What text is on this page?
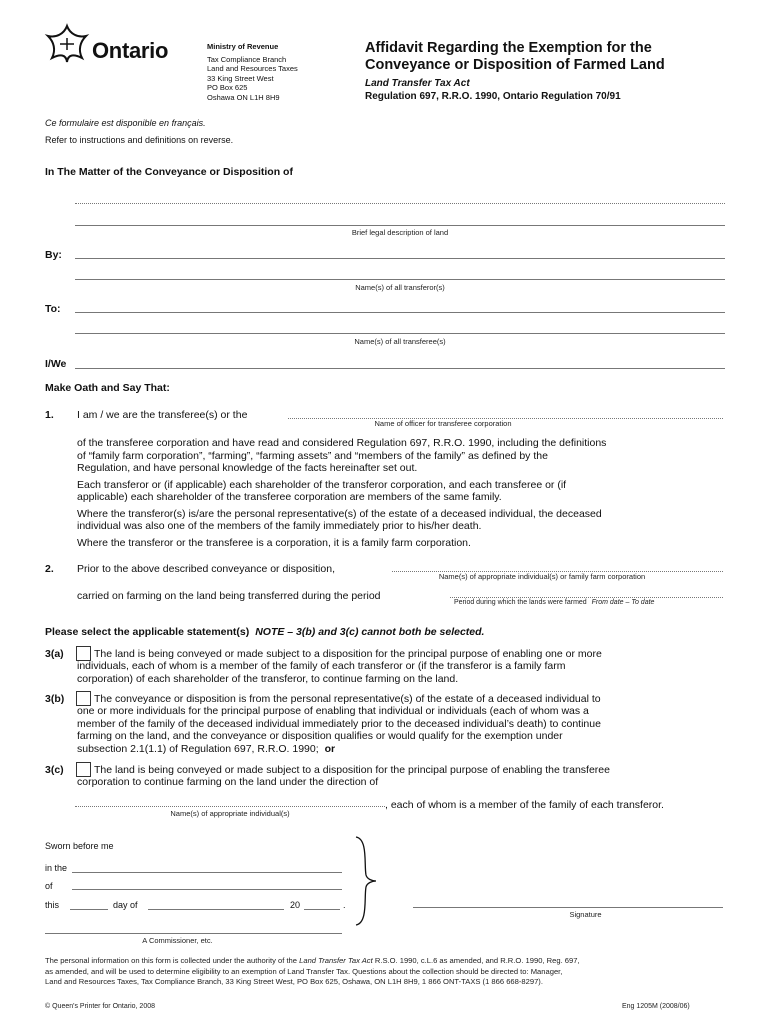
Ontario	Ministry of Revenue
Tax Compliance Branch
Land and Resources Taxes
33 King Street West
PO Box 625
Oshawa ON L1H 8H9
Affidavit Regarding the Exemption for the
Conveyance or Disposition of Farmed Land
Land Transfer Tax Act
Regulation 697, R.R.O. 1990, Ontario Regulation 70/91
Ce formulaire est disponible en français.
Refer to instructions and definitions on reverse.
In The Matter of the Conveyance or Disposition of
Brief legal description of land
By:
Name(s) of all transferor(s)
To:
Name(s) of all transferee(s)
I/We
Make Oath and Say That:
1. I am / we are the transferee(s) or the
Name of officer for transferee corporation
of the transferee corporation and have read and considered Regulation 697, R.R.O. 1990, including the definitions
of “family farm corporation”, “farming”, “farming assets” and “members of the family” as defined by the
Regulation, and have personal knowledge of the facts hereinafter set out.
Each transferor or (if applicable) each shareholder of the transferor corporation, and each transferee or (if
applicable) each shareholder of the transferee corporation are members of the same family.
Where the transferor(s) is/are the personal representative(s) of the estate of a deceased individual, the deceased
individual was also one of the members of the family immediately prior to his/her death.
Where the transferor or the transferee is a corporation, it is a family farm corporation.
2. Prior to the above described conveyance or disposition,
Name(s) of appropriate individual(s) or family farm corporation
carried on farming on the land being transferred during the period
Period during which the lands were farmed From date – To date
Please select the applicable statement(s) NOTE – 3(b) and 3(c) cannot both be selected.
3(a)	The land is being conveyed or made subject to a disposition for the principal purpose of enabling one or more
individuals, each of whom is a member of the family of each transferor or (if the transferor is a family farm
corporation) of each shareholder of the transferor, to continue farming on the land.
3(b)	The conveyance or disposition is from the personal representative(s) of the estate of a deceased individual to
one or more individuals for the principal purpose of enabling that individual or individuals (each of whom was a
member of the family of the deceased individual immediately prior to the deceased individual’s death) to continue
farming on the land, and the conveyance or disposition qualifies or would qualify for the exemption under
subsection 2.1(1.1) of Regulation 697, R.R.O. 1990; or
3(c)	The land is being conveyed or made subject to a disposition for the principal purpose of enabling the transferee
corporation to continue farming on the land under the direction of
, each of whom is a member of the family of each transferor.
Name(s) of appropriate individual(s)
Sworn before me
in the
of
this	day of	20	.
A Commissioner, etc.
Signature
The personal information on this form is collected under the authority of the Land Transfer Tax Act R.S.O. 1990, c.L.6 as amended, and R.R.O. 1990, Reg. 697,
as amended, and will be used to determine eligibility to an exemption of Land Transfer Tax. Questions about the collection should be directed to: Manager,
Land and Resources Taxes, Tax Compliance Branch, 33 King Street West, PO Box 625, Oshawa, ON L1H 8H9, 1 866 ONT-TAXS (1 866 668-8297).
© Queen's Printer for Ontario, 2008	Eng 1205M (2008/06)
